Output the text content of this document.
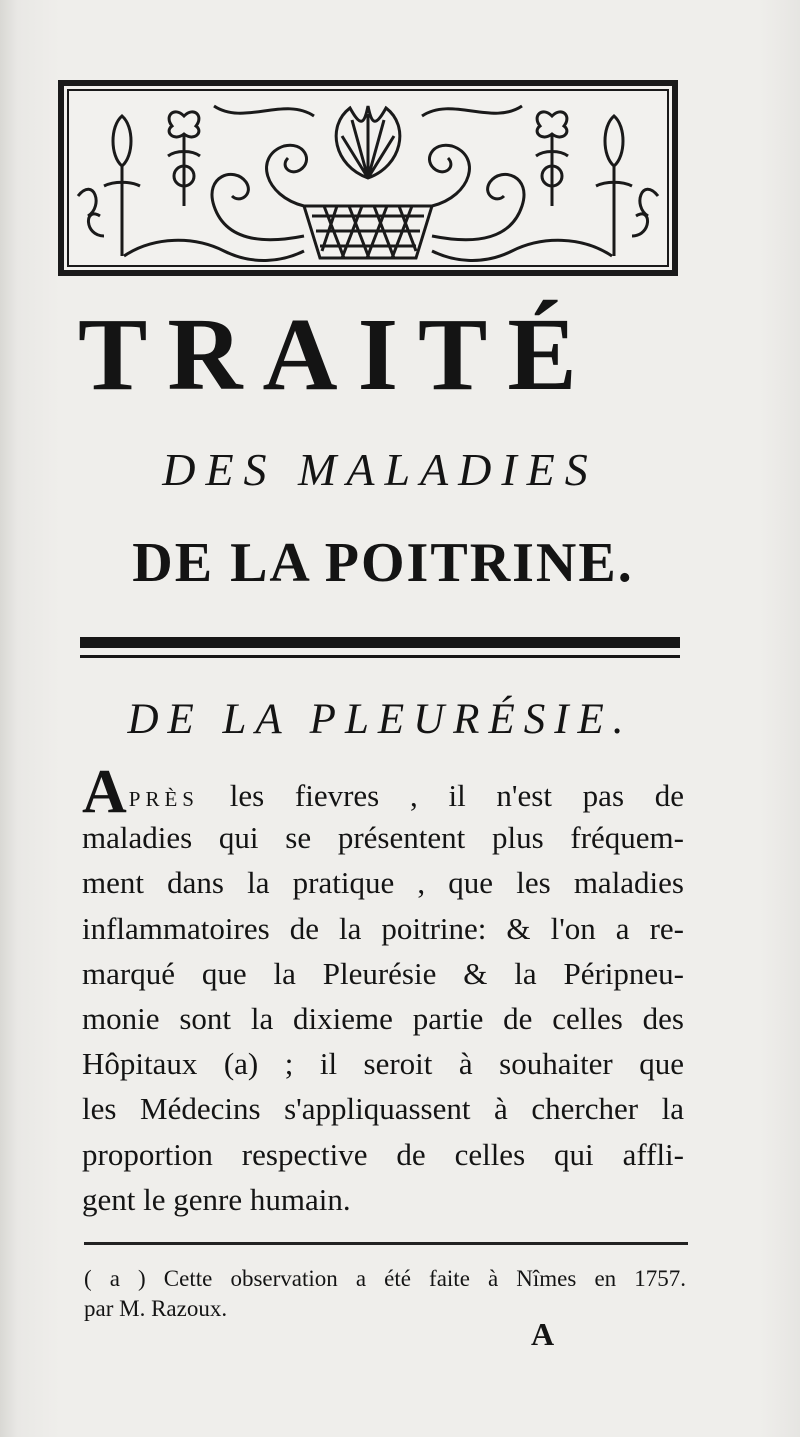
TRAITÉ
DES MALADIES
DE LA POITRINE.
DE LA PLEURÉSIE.
APRÈS les fievres , il n'est pas de
maladies qui se présentent plus fréquem-
ment dans la pratique , que les maladies
inflammatoires de la poitrine: & l'on a re-
marqué que la Pleurésie & la Péripneu-
monie sont la dixieme partie de celles des
Hôpitaux (a) ; il seroit à souhaiter que
les Médecins s'appliquassent à chercher la
proportion respective de celles qui affli-
gent le genre humain.
( a ) Cette observation a été faite à Nîmes en 1757.
par M. Razoux.
A
